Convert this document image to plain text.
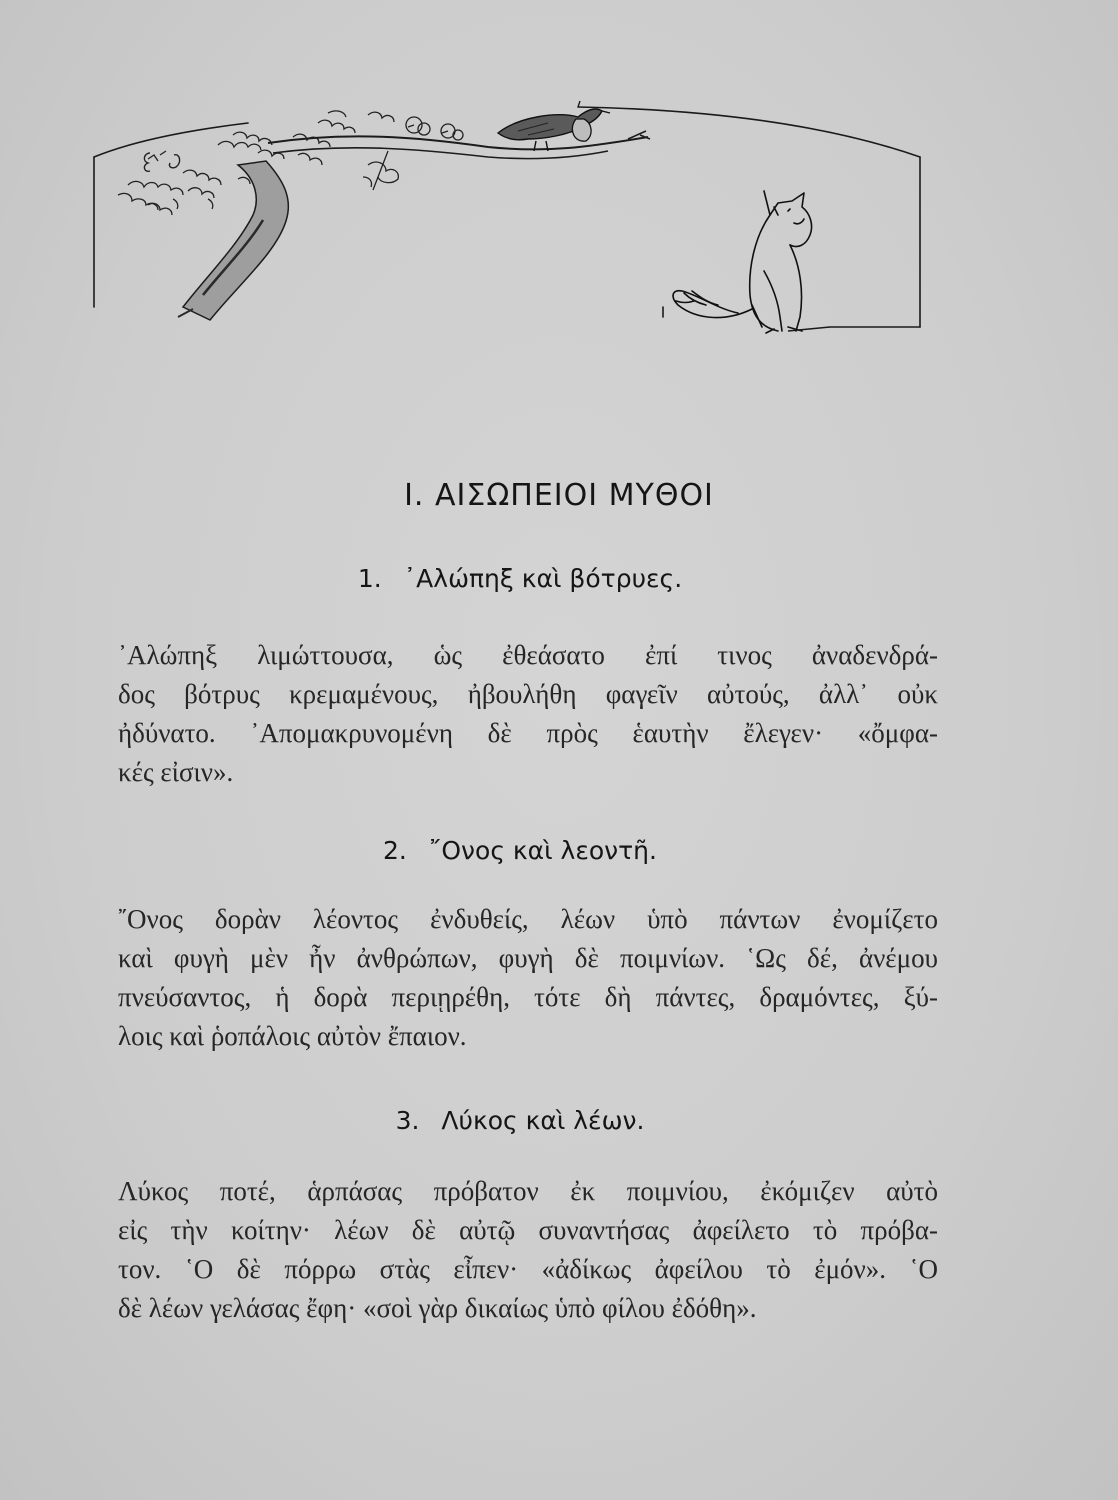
I. ΑΙΣΩΠΕΙΟΙ ΜΥΘΟΙ
1. ᾽Αλώπηξ καὶ βότρυες.
᾽Αλώπηξ λιμώττουσα, ὡς ἐθεάσατο ἐπί τινος ἀναδενδρά-
δος βότρυς κρεμαμένους, ἠβουλήθη φαγεῖν αὐτούς, ἀλλ᾽ οὐκ
ἠδύνατο. ᾽Απομακρυνομένη δὲ πρὸς ἑαυτὴν ἔλεγεν· «ὄμφα-
κές εἰσιν».
2. ῎Ονος καὶ λεοντῆ.
῎Ονος δορὰν λέοντος ἐνδυθείς, λέων ὑπὸ πάντων ἐνομίζετο
καὶ φυγὴ μὲν ἦν ἀνθρώπων, φυγὴ δὲ ποιμνίων. ῾Ως δέ, ἀνέμου
πνεύσαντος, ἡ δορὰ περιῃρέθη, τότε δὴ πάντες, δραμόντες, ξύ-
λοις καὶ ῥοπάλοις αὐτὸν ἔπαιον.
3. Λύκος καὶ λέων.
Λύκος ποτέ, ἁρπάσας πρόβατον ἐκ ποιμνίου, ἐκόμιζεν αὐτὸ
εἰς τὴν κοίτην· λέων δὲ αὐτῷ συναντήσας ἀφείλετο τὸ πρόβα-
τον. ῾Ο δὲ πόρρω στὰς εἶπεν· «ἀδίκως ἀφείλου τὸ ἐμόν». ῾Ο
δὲ λέων γελάσας ἔφη· «σοὶ γὰρ δικαίως ὑπὸ φίλου ἐδόθη».
